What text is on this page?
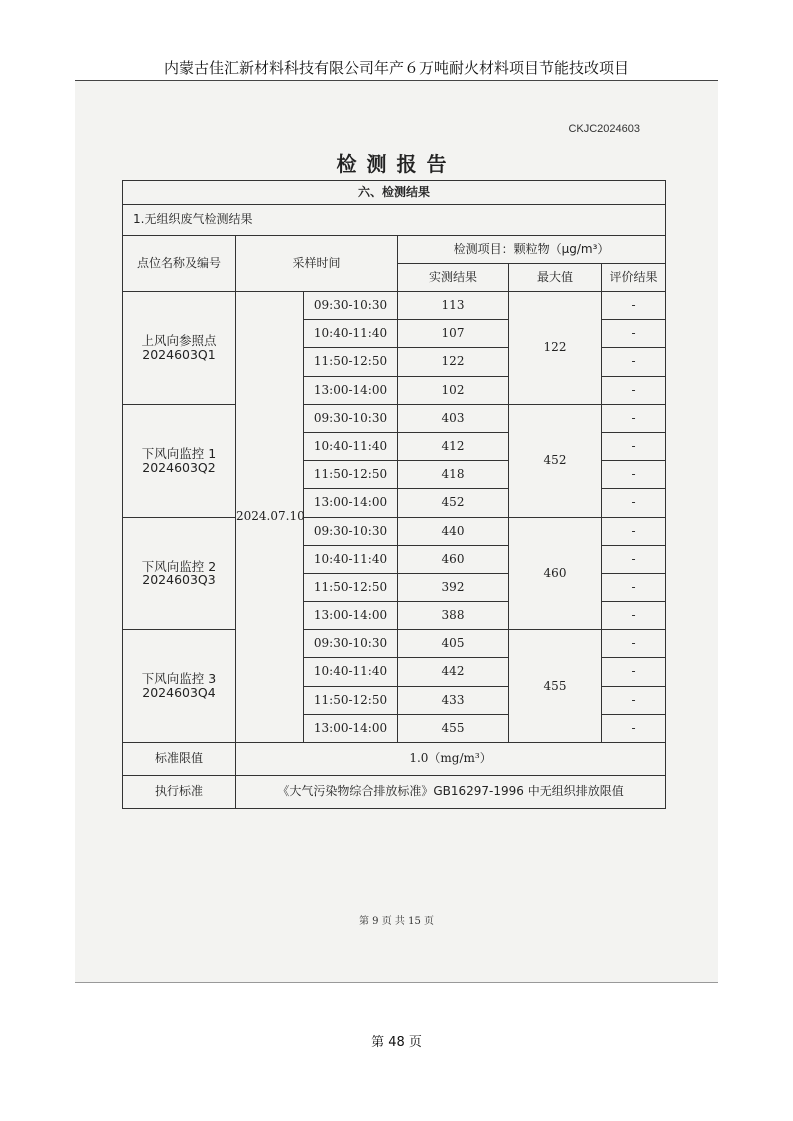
内蒙古佳汇新材料科技有限公司年产６万吨耐火材料项目节能技改项目
CKJC2024603
检测报告
六、检测结果					
1.无组织废气检测结果					
点位名称及编号	采样时间		检测项目：颗粒物（μg/m³）		
			实测结果	最大值	评价结果

上风向参照点
2024603Q1	2024.07.10	09:30-10:30	113	122	-
		10:40-11:40	107		-
		11:50-12:50	122		-
		13:00-14:00	102		-

下风向监控 1
2024603Q2		09:30-10:30	403	452	-
		10:40-11:40	412		-
		11:50-12:50	418		-
		13:00-14:00	452		-

下风向监控 2
2024603Q3		09:30-10:30	440	460	-
		10:40-11:40	460		-
		11:50-12:50	392		-
		13:00-14:00	388		-

下风向监控 3
2024603Q4		09:30-10:30	405	455	-
		10:40-11:40	442		-
		11:50-12:50	433		-
		13:00-14:00	455		-
标准限值	1.0（mg/m³）				
执行标准	《大气污染物综合排放标准》GB16297-1996 中无组织排放限值				
第 9 页 共 15 页
第 48 页
